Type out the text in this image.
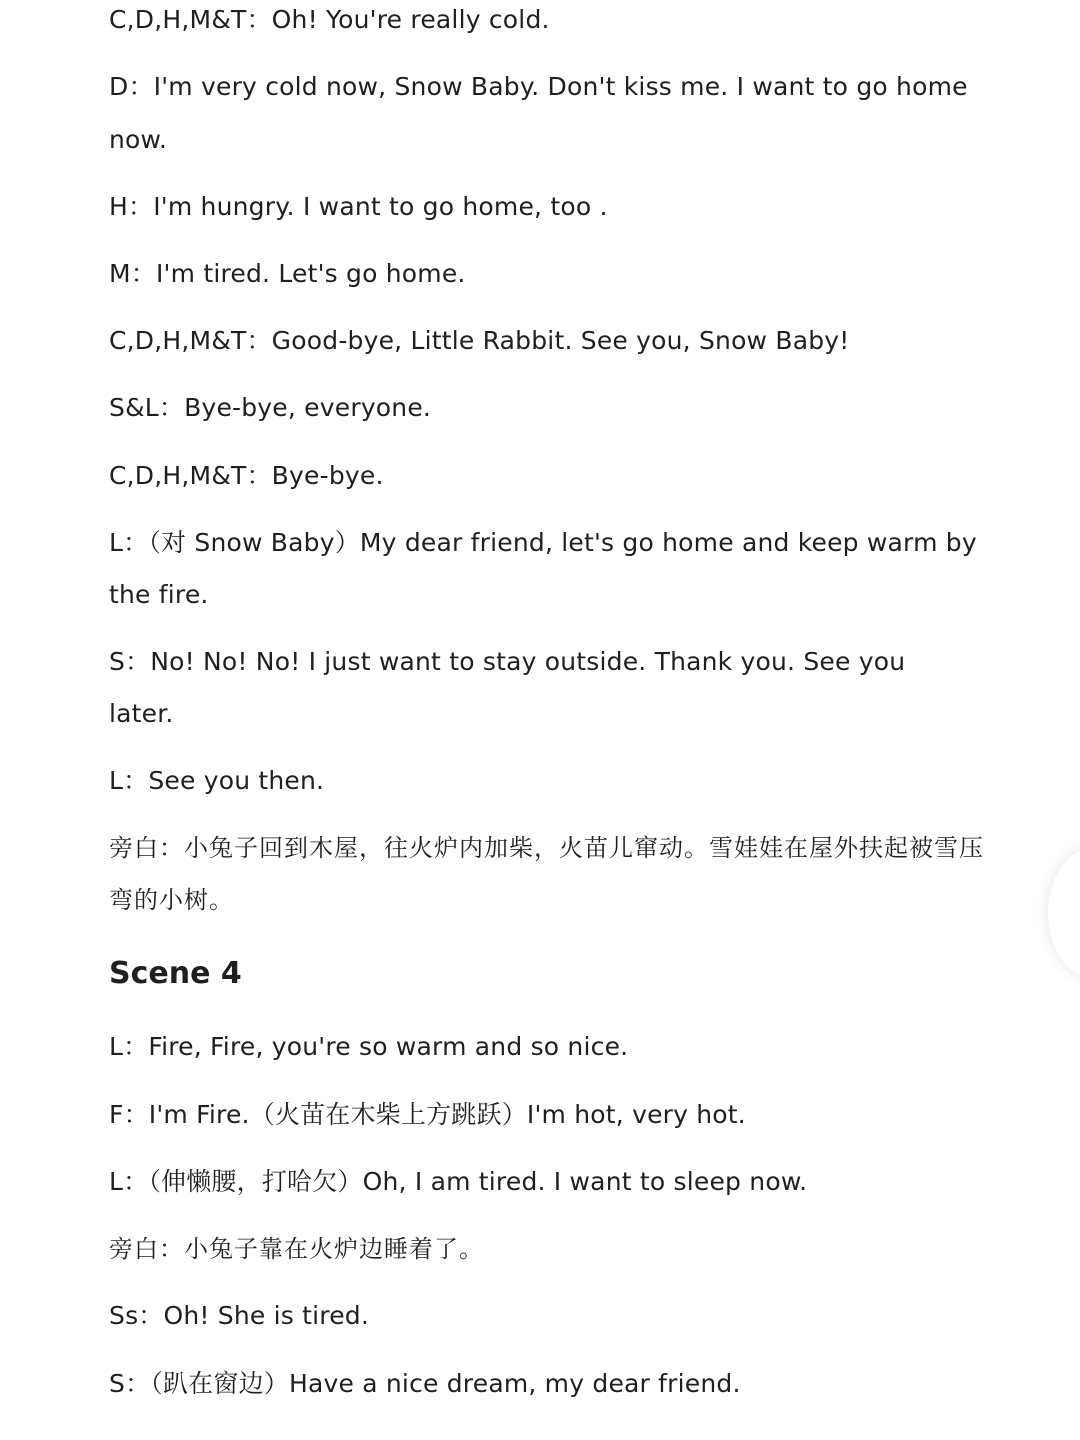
C,D,H,M&T：Oh! You're really cold.

D：I'm very cold now, Snow Baby. Don't kiss me. I want to go home

now.

H：I'm hungry. I want to go home, too .

M：I'm tired. Let's go home.

C,D,H,M&T：Good-bye, Little Rabbit. See you, Snow Baby!

S&L：Bye-bye, everyone.

C,D,H,M&T：Bye-bye.

L：（对 Snow Baby）My dear friend, let's go home and keep warm by

the fire.

S：No! No! No! I just want to stay outside. Thank you. See you

later.

L：See you then.

旁白：小兔子回到木屋，往火炉内加柴，火苗儿窜动。雪娃娃在屋外扶起被雪压

弯的小树。

Scene 4

L：Fire, Fire, you're so warm and so nice.

F：I'm Fire.（火苗在木柴上方跳跃）I'm hot, very hot.

L：（伸懒腰，打哈欠）Oh, I am tired. I want to sleep now.

旁白：小兔子靠在火炉边睡着了。

Ss：Oh! She is tired.

S：（趴在窗边）Have a nice dream, my dear friend.
